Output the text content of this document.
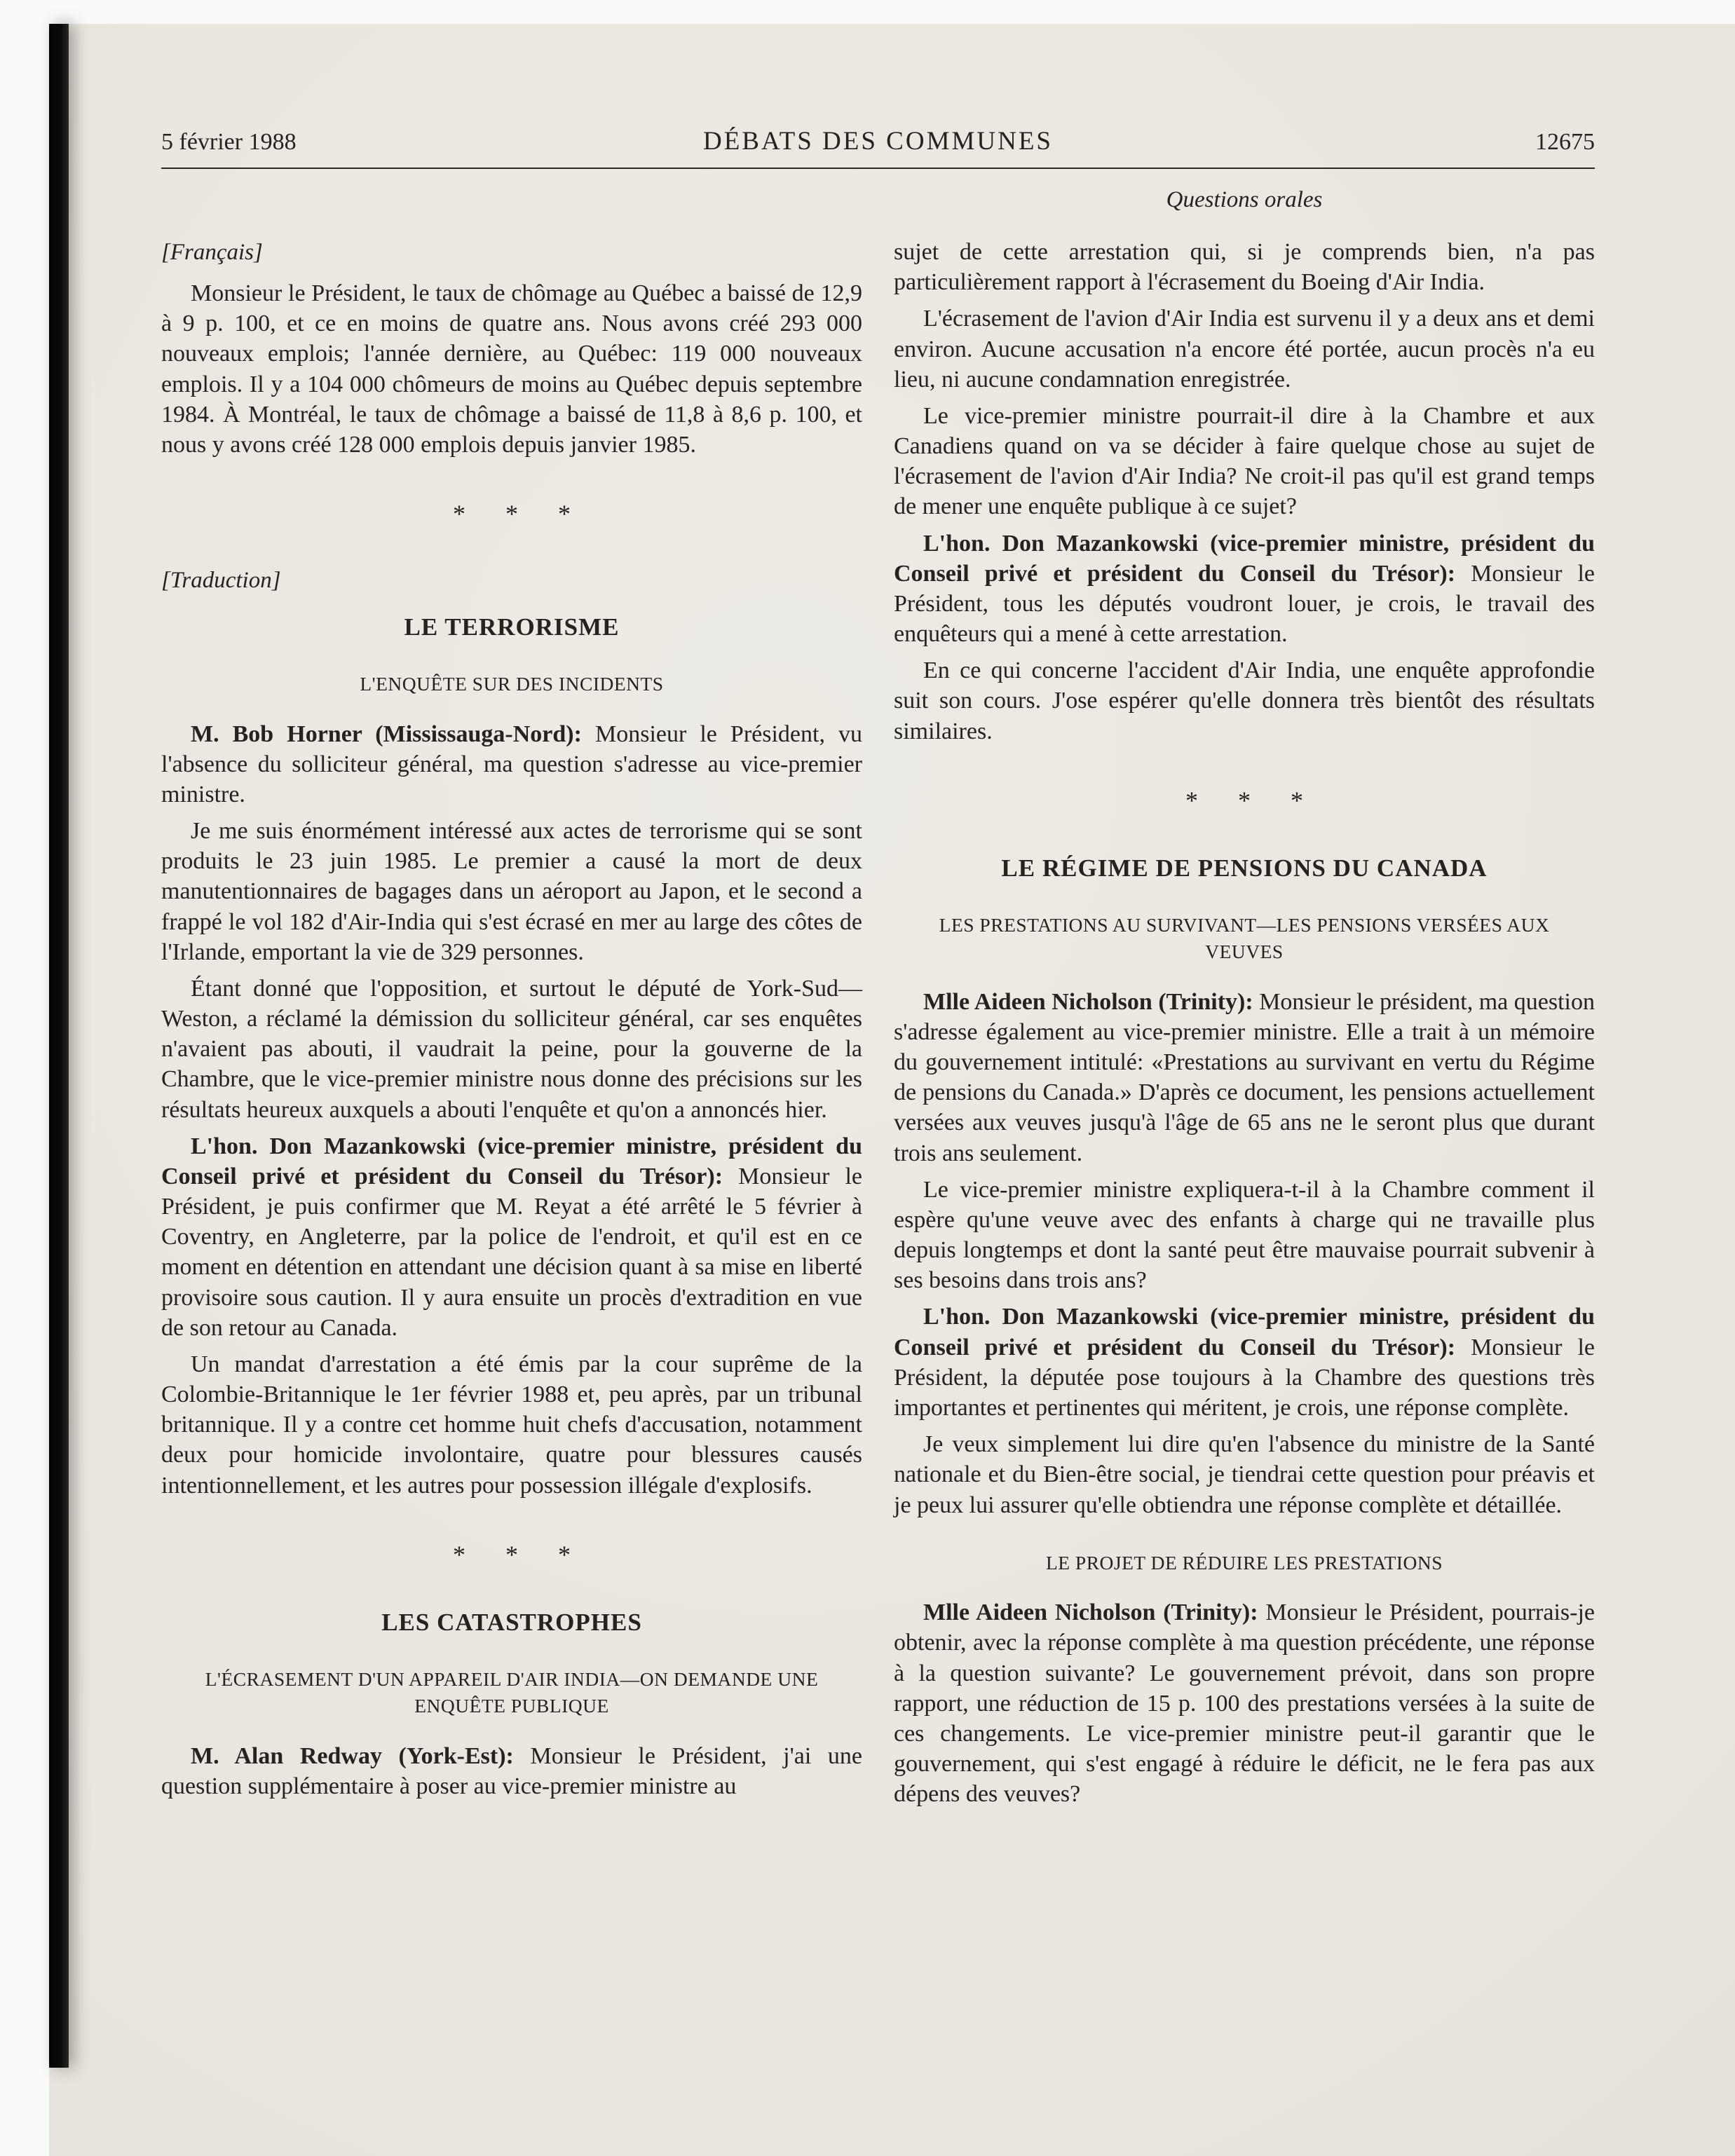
5 février 1988	DÉBATS DES COMMUNES	12675
Questions orales
[Français]

Monsieur le Président, le taux de chômage au Québec a baissé de 12,9 à 9 p. 100, et ce en moins de quatre ans. Nous avons créé 293 000 nouveaux emplois; l'année dernière, au Québec: 119 000 nouveaux emplois. Il y a 104 000 chômeurs de moins au Québec depuis septembre 1984. À Montréal, le taux de chômage a baissé de 11,8 à 8,6 p. 100, et nous y avons créé 128 000 emplois depuis janvier 1985.

* * *
[Traduction]
LE TERRORISME
L'ENQUÊTE SUR DES INCIDENTS

M. Bob Horner (Mississauga-Nord): Monsieur le Président, vu l'absence du solliciteur général, ma question s'adresse au vice-premier ministre.

Je me suis énormément intéressé aux actes de terrorisme qui se sont produits le 23 juin 1985. Le premier a causé la mort de deux manutentionnaires de bagages dans un aéroport au Japon, et le second a frappé le vol 182 d'Air-India qui s'est écrasé en mer au large des côtes de l'Irlande, emportant la vie de 329 personnes.

Étant donné que l'opposition, et surtout le député de York-Sud—Weston, a réclamé la démission du solliciteur général, car ses enquêtes n'avaient pas abouti, il vaudrait la peine, pour la gouverne de la Chambre, que le vice-premier ministre nous donne des précisions sur les résultats heureux auxquels a abouti l'enquête et qu'on a annoncés hier.

L'hon. Don Mazankowski (vice-premier ministre, président du Conseil privé et président du Conseil du Trésor): Monsieur le Président, je puis confirmer que M. Reyat a été arrêté le 5 février à Coventry, en Angleterre, par la police de l'endroit, et qu'il est en ce moment en détention en attendant une décision quant à sa mise en liberté provisoire sous caution. Il y aura ensuite un procès d'extradition en vue de son retour au Canada.

Un mandat d'arrestation a été émis par la cour suprême de la Colombie-Britannique le 1er février 1988 et, peu après, par un tribunal britannique. Il y a contre cet homme huit chefs d'accusation, notamment deux pour homicide involontaire, quatre pour blessures causés intentionnellement, et les autres pour possession illégale d'explosifs.

* * *
LES CATASTROPHES
L'ÉCRASEMENT D'UN APPAREIL D'AIR INDIA—ON DEMANDE UNE ENQUÊTE PUBLIQUE

M. Alan Redway (York-Est): Monsieur le Président, j'ai une question supplémentaire à poser au vice-premier ministre au

sujet de cette arrestation qui, si je comprends bien, n'a pas particulièrement rapport à l'écrasement du Boeing d'Air India.

L'écrasement de l'avion d'Air India est survenu il y a deux ans et demi environ. Aucune accusation n'a encore été portée, aucun procès n'a eu lieu, ni aucune condamnation enregistrée.

Le vice-premier ministre pourrait-il dire à la Chambre et aux Canadiens quand on va se décider à faire quelque chose au sujet de l'écrasement de l'avion d'Air India? Ne croit-il pas qu'il est grand temps de mener une enquête publique à ce sujet?

L'hon. Don Mazankowski (vice-premier ministre, président du Conseil privé et président du Conseil du Trésor): Monsieur le Président, tous les députés voudront louer, je crois, le travail des enquêteurs qui a mené à cette arrestation.

En ce qui concerne l'accident d'Air India, une enquête approfondie suit son cours. J'ose espérer qu'elle donnera très bientôt des résultats similaires.

* * *
LE RÉGIME DE PENSIONS DU CANADA
LES PRESTATIONS AU SURVIVANT—LES PENSIONS VERSÉES AUX VEUVES

Mlle Aideen Nicholson (Trinity): Monsieur le président, ma question s'adresse également au vice-premier ministre. Elle a trait à un mémoire du gouvernement intitulé: «Prestations au survivant en vertu du Régime de pensions du Canada.» D'après ce document, les pensions actuellement versées aux veuves jusqu'à l'âge de 65 ans ne le seront plus que durant trois ans seulement.

Le vice-premier ministre expliquera-t-il à la Chambre comment il espère qu'une veuve avec des enfants à charge qui ne travaille plus depuis longtemps et dont la santé peut être mauvaise pourrait subvenir à ses besoins dans trois ans?

L'hon. Don Mazankowski (vice-premier ministre, président du Conseil privé et président du Conseil du Trésor): Monsieur le Président, la députée pose toujours à la Chambre des questions très importantes et pertinentes qui méritent, je crois, une réponse complète.

Je veux simplement lui dire qu'en l'absence du ministre de la Santé nationale et du Bien-être social, je tiendrai cette question pour préavis et je peux lui assurer qu'elle obtiendra une réponse complète et détaillée.

LE PROJET DE RÉDUIRE LES PRESTATIONS

Mlle Aideen Nicholson (Trinity): Monsieur le Président, pourrais-je obtenir, avec la réponse complète à ma question précédente, une réponse à la question suivante? Le gouvernement prévoit, dans son propre rapport, une réduction de 15 p. 100 des prestations versées à la suite de ces changements. Le vice-premier ministre peut-il garantir que le gouvernement, qui s'est engagé à réduire le déficit, ne le fera pas aux dépens des veuves?
